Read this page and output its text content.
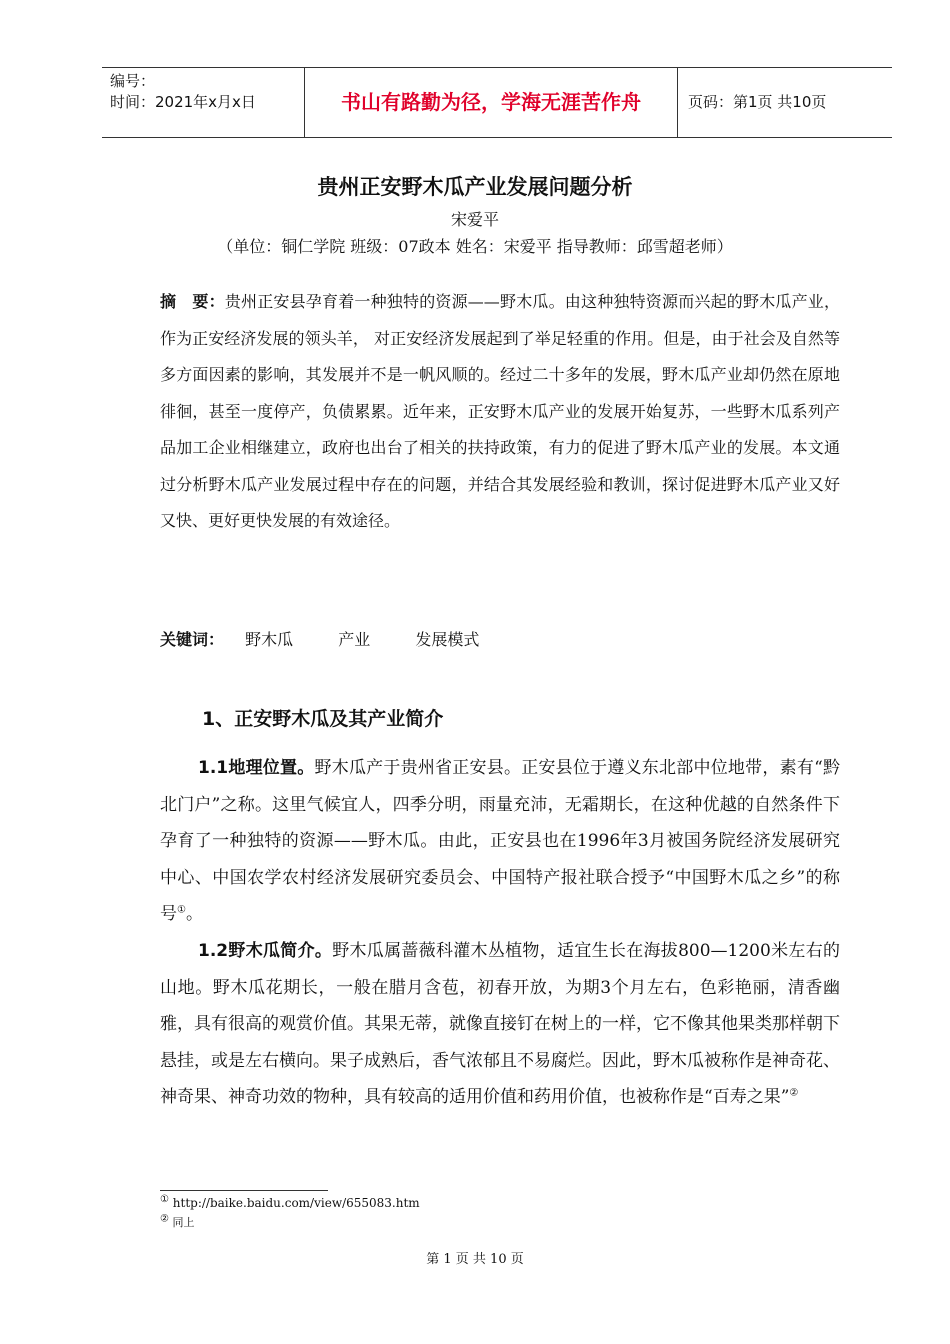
编号：
时间：2021年x月x日	书山有路勤为径，学海无涯苦作舟	页码：第1页 共10页
贵州正安野木瓜产业发展问题分析
宋爱平
（单位：铜仁学院 班级：07政本 姓名：宋爱平 指导教师：邱雪超老师）
摘　要：贵州正安县孕育着一种独特的资源——野木瓜。由这种独特资源而兴起的野木瓜产业，作为正安经济发展的领头羊， 对正安经济发展起到了举足轻重的作用。但是，由于社会及自然等多方面因素的影响，其发展并不是一帆风顺的。经过二十多年的发展，野木瓜产业却仍然在原地徘徊，甚至一度停产，负债累累。近年来，正安野木瓜产业的发展开始复苏，一些野木瓜系列产品加工企业相继建立，政府也出台了相关的扶持政策，有力的促进了野木瓜产业的发展。本文通过分析野木瓜产业发展过程中存在的问题，并结合其发展经验和教训，探讨促进野木瓜产业又好又快、更好更快发展的有效途径。
关键词： 野木瓜	产业	发展模式
1、正安野木瓜及其产业简介
1.1地理位置。野木瓜产于贵州省正安县。正安县位于遵义东北部中位地带，素有“黔北门户”之称。这里气候宜人，四季分明，雨量充沛，无霜期长，在这种优越的自然条件下孕育了一种独特的资源——野木瓜。由此，正安县也在1996年3月被国务院经济发展研究中心、中国农学农村经济发展研究委员会、中国特产报社联合授予“中国野木瓜之乡”的称号①。
1.2野木瓜简介。野木瓜属蔷薇科灌木丛植物，适宜生长在海拔800—1200米左右的山地。野木瓜花期长，一般在腊月含苞，初春开放，为期3个月左右，色彩艳丽，清香幽雅，具有很高的观赏价值。其果无蒂，就像直接钉在树上的一样，它不像其他果类那样朝下悬挂，或是左右横向。果子成熟后，香气浓郁且不易腐烂。因此，野木瓜被称作是神奇花、神奇果、神奇功效的物种，具有较高的适用价值和药用价值，也被称作是“百寿之果”②
① http://baike.baidu.com/view/655083.htm
② 同上
第 1 页 共 10 页
